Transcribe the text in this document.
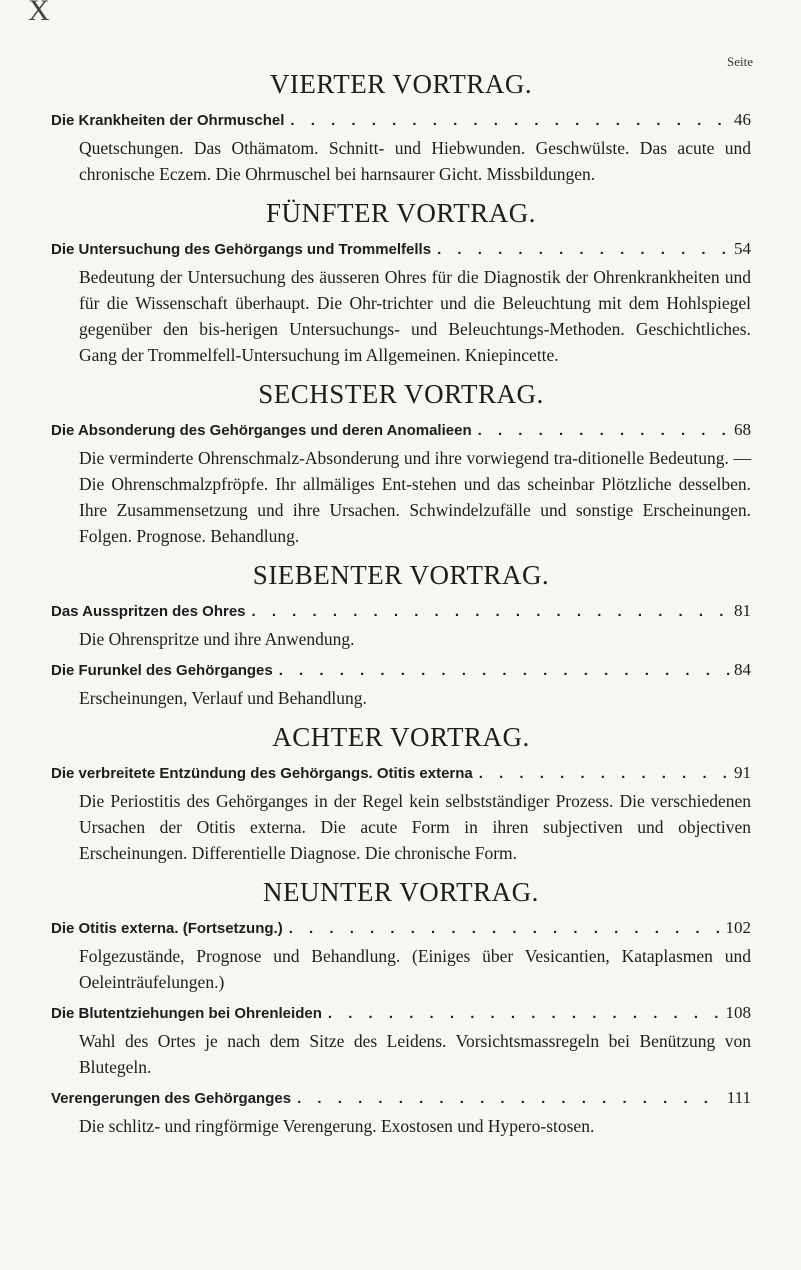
X
Seite
VIERTER VORTRAG.
Die Krankheiten der Ohrmuschel . . .	46
Quetschungen. Das Othämatom. Schnitt- und Hiebwunden. Geschwülste. Das acute und chronische Eczem. Die Ohrmuschel bei harnsaurer Gicht. Missbildungen.
FÜNFTER VORTRAG.
Die Untersuchung des Gehörgangs und Trommelfells . . .	54
Bedeutung der Untersuchung des äusseren Ohres für die Diagnostik der Ohrenkrankheiten und für die Wissenschaft überhaupt. Die Ohr-trichter und die Beleuchtung mit dem Hohlspiegel gegenüber den bis-herigen Untersuchungs- und Beleuchtungs-Methoden. Geschichtliches. Gang der Trommelfell-Untersuchung im Allgemeinen. Kniepincette.
SECHSTER VORTRAG.
Die Absonderung des Gehörganges und deren Anomalieen . . .	68
Die verminderte Ohrenschmalz-Absonderung und ihre vorwiegend tra-ditionelle Bedeutung. — Die Ohrenschmalzpfröpfe. Ihr allmäliges Ent-stehen und das scheinbar Plötzliche desselben. Ihre Zusammensetzung und ihre Ursachen. Schwindelzufälle und sonstige Erscheinungen. Folgen. Prognose. Behandlung.
SIEBENTER VORTRAG.
Das Ausspritzen des Ohres . . .	81
Die Ohrenspritze und ihre Anwendung.
Die Furunkel des Gehörganges . . .	84
Erscheinungen, Verlauf und Behandlung.
ACHTER VORTRAG.
Die verbreitete Entzündung des Gehörgangs. Otitis externa . . .	91
Die Periostitis des Gehörganges in der Regel kein selbstständiger Prozess. Die verschiedenen Ursachen der Otitis externa. Die acute Form in ihren subjectiven und objectiven Erscheinungen. Differentielle Diagnose. Die chronische Form.
NEUNTER VORTRAG.
Die Otitis externa. (Fortsetzung.) . . .	102
Folgezustände, Prognose und Behandlung. (Einiges über Vesicantien, Kataplasmen und Oeleinträufelungen.)
Die Blutentziehungen bei Ohrenleiden . . .	108
Wahl des Ortes je nach dem Sitze des Leidens. Vorsichtsmassregeln bei Benützung von Blutegeln.
Verengerungen des Gehörganges . . .	111
Die schlitz- und ringförmige Verengerung. Exostosen und Hypero-stosen.
